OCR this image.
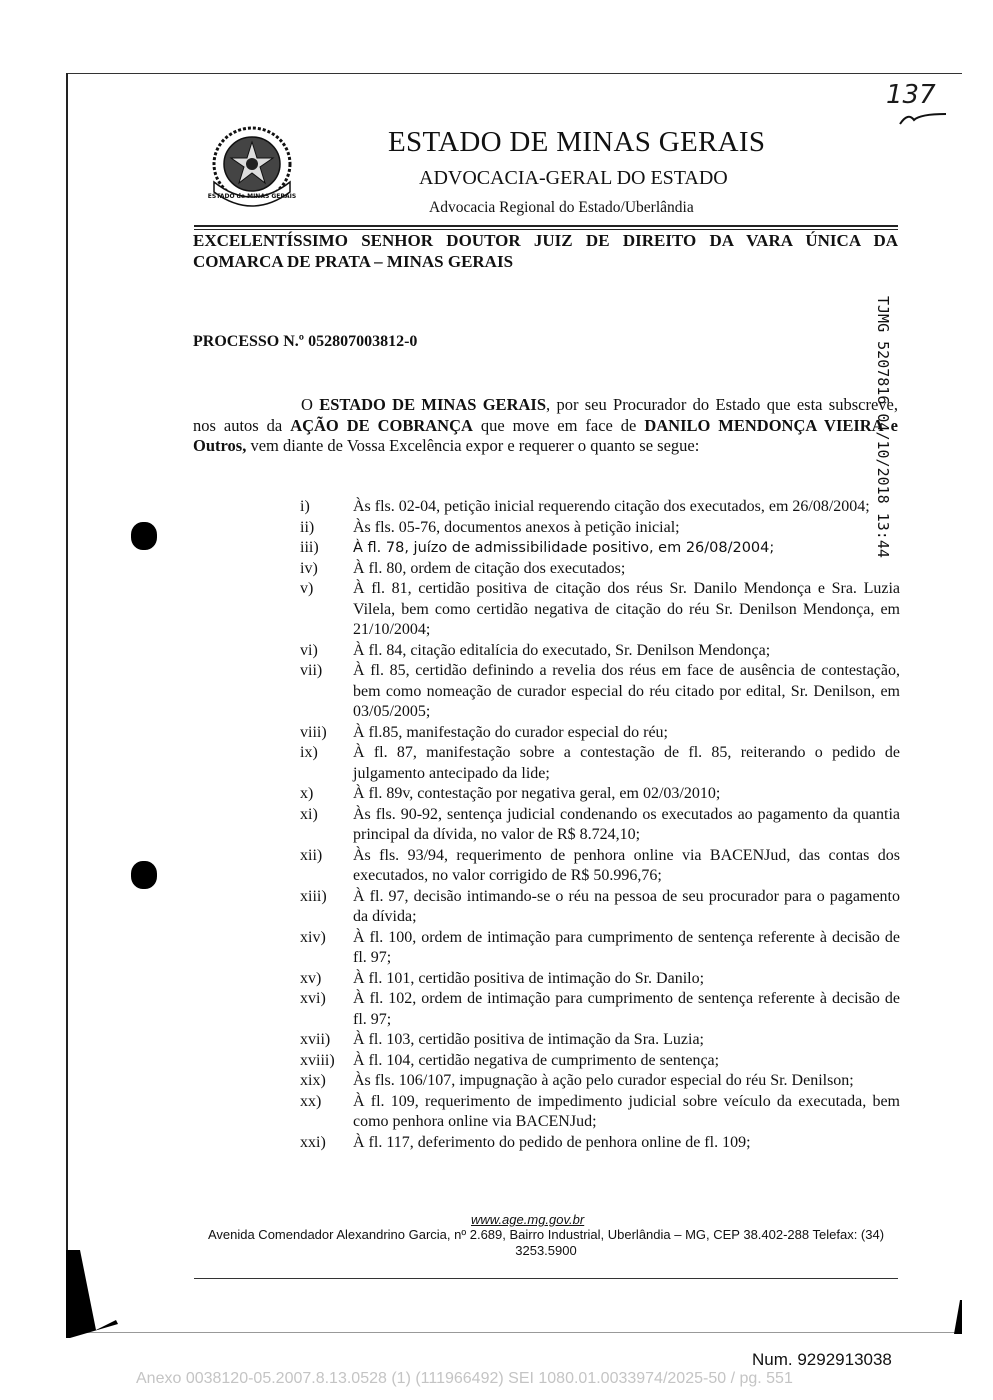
ESTADO de MINAS GERAIS
ESTADO DE MINAS GERAIS
ADVOCACIA-GERAL DO ESTADO
Advocacia Regional do Estado/Uberlândia
137
EXCELENTÍSSIMO SENHOR DOUTOR JUIZ DE DIREITO DA VARA ÚNICA DA COMARCA DE PRATA – MINAS GERAIS
PROCESSO N.º 052807003812-0	TJMG 5207816 04/10/2018 13:44
O ESTADO DE MINAS GERAIS, por seu Procurador do Estado que esta subscreve, nos autos da AÇÃO DE COBRANÇA que move em face de DANILO MENDONÇA VIEIRA e Outros, vem diante de Vossa Excelência expor e requerer o quanto se segue:
i)	Às fls. 02-04, petição inicial requerendo citação dos executados, em 26/08/2004;
ii)	Às fls. 05-76, documentos anexos à petição inicial;
iii)	À fl. 78, juízo de admissibilidade positivo, em 26/08/2004;
iv)	À fl. 80, ordem de citação dos executados;
v)	À fl. 81, certidão positiva de citação dos réus Sr. Danilo Mendonça e Sra. Luzia Vilela, bem como certidão negativa de citação do réu Sr. Denilson Mendonça, em 21/10/2004;
vi)	À fl. 84, citação editalícia do executado, Sr. Denilson Mendonça;
vii)	À fl. 85, certidão definindo a revelia dos réus em face de ausência de contestação, bem como nomeação de curador especial do réu citado por edital, Sr. Denilson, em 03/05/2005;
viii)	À fl.85, manifestação do curador especial do réu;
ix)	À fl. 87, manifestação sobre a contestação de fl. 85, reiterando o pedido de julgamento antecipado da lide;
x)	À fl. 89v, contestação por negativa geral, em 02/03/2010;
xi)	Às fls. 90-92, sentença judicial condenando os executados ao pagamento da quantia principal da dívida, no valor de R$ 8.724,10;
xii)	Às fls. 93/94, requerimento de penhora online via BACENJud, das contas dos executados, no valor corrigido de R$ 50.996,76;
xiii)	À fl. 97, decisão intimando-se o réu na pessoa de seu procurador para o pagamento da dívida;
xiv)	À fl. 100, ordem de intimação para cumprimento de sentença referente à decisão de fl. 97;
xv)	À fl. 101, certidão positiva de intimação do Sr. Danilo;
xvi)	À fl. 102, ordem de intimação para cumprimento de sentença referente à decisão de fl. 97;
xvii)	À fl. 103, certidão positiva de intimação da Sra. Luzia;
xviii)	À fl. 104, certidão negativa de cumprimento de sentença;
xix)	Às fls. 106/107, impugnação à ação pelo curador especial do réu Sr. Denilson;
xx)	À fl. 109, requerimento de impedimento judicial sobre veículo da executada, bem como penhora online via BACENJud;
xxi)	À fl. 117, deferimento do pedido de penhora online de fl. 109;
www.age.mg.gov.br
Avenida Comendador Alexandrino Garcia, nº 2.689, Bairro Industrial, Uberlândia – MG, CEP 38.402-288 Telefax: (34) 3253.5900
Num. 9292913038
Anexo 0038120-05.2007.8.13.0528 (1) (111966492) SEI 1080.01.0033974/2025-50 / pg. 551
